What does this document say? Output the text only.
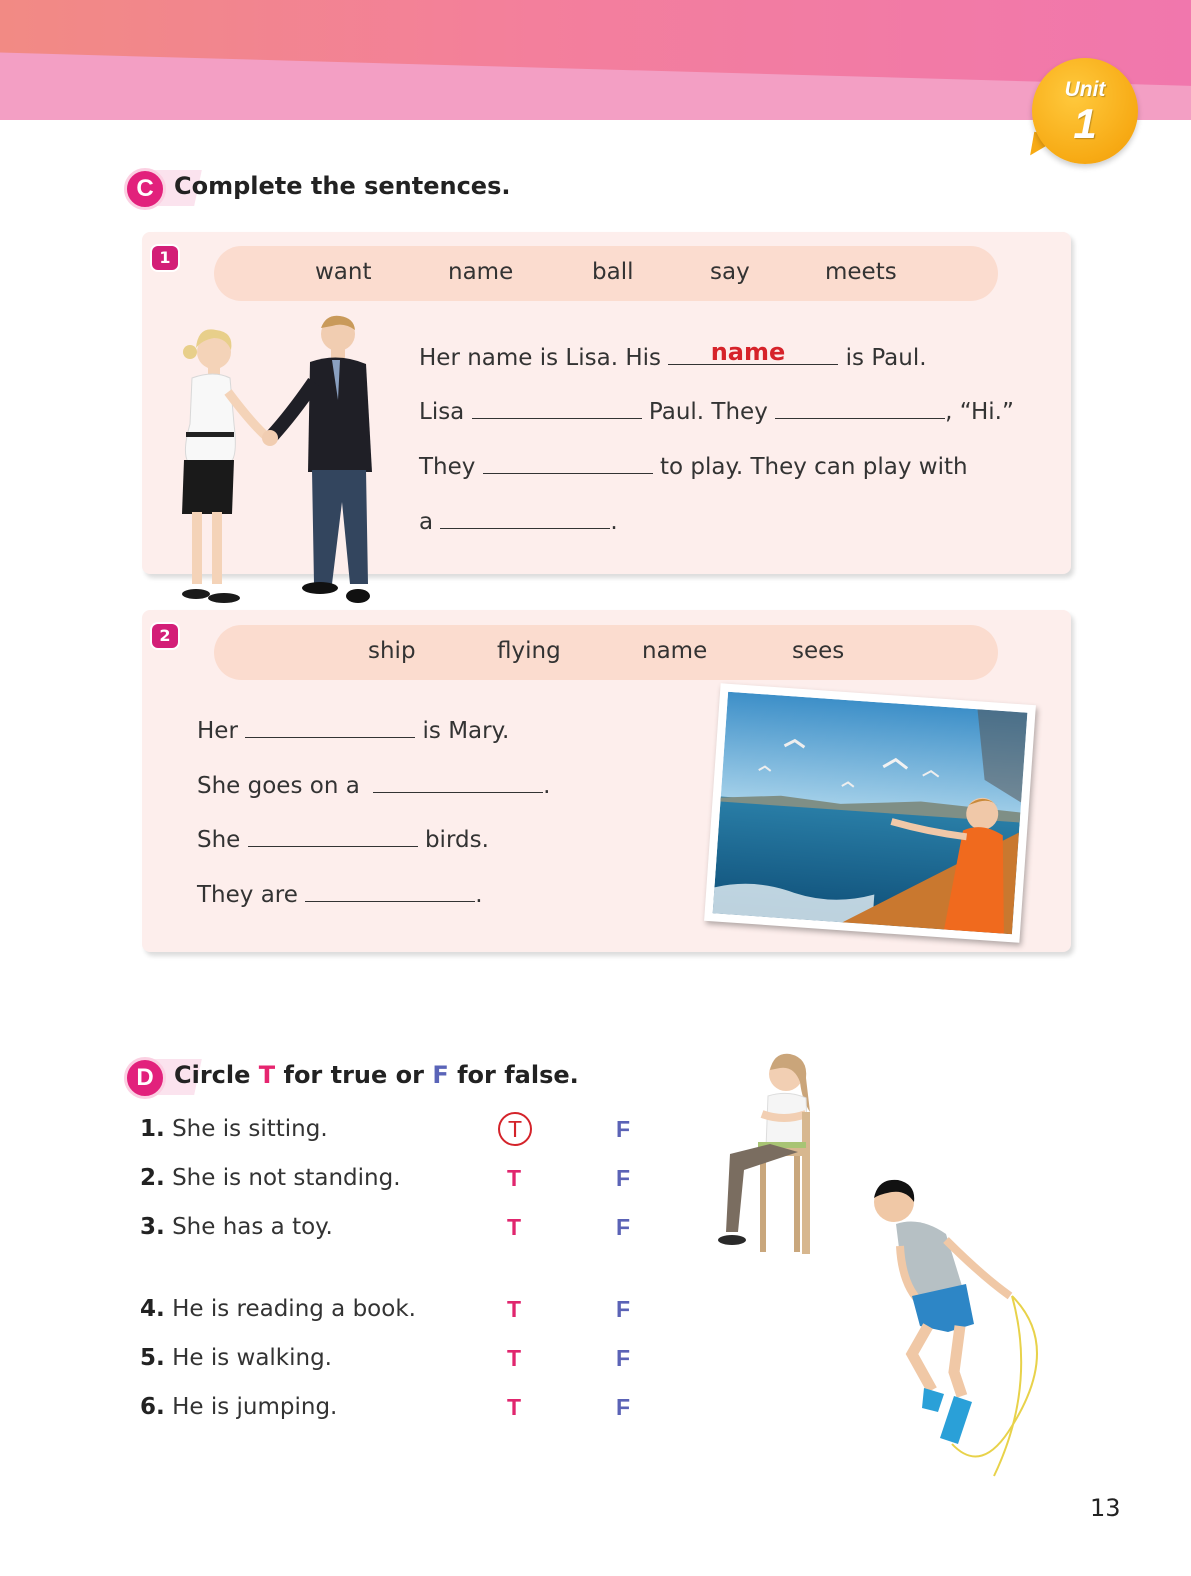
Unit
1
C Complete the sentences.
1
want	name	ball	say	meets
Her name is Lisa. His	is Paul.
name
Lisa	Paul. They	, “Hi.”
They	to play. They can play with
a	.
2
ship	flying	name	sees
Her	is Mary.
She goes on a	.
She	birds.
They are	.
D Circle T for true or F for false.
1. She is sitting.	T	F
2. She is not standing.	T	F
3. She has a toy.	T	F
4. He is reading a book.	T	F
5. He is walking.	T	F
6. He is jumping.	T	F
13
